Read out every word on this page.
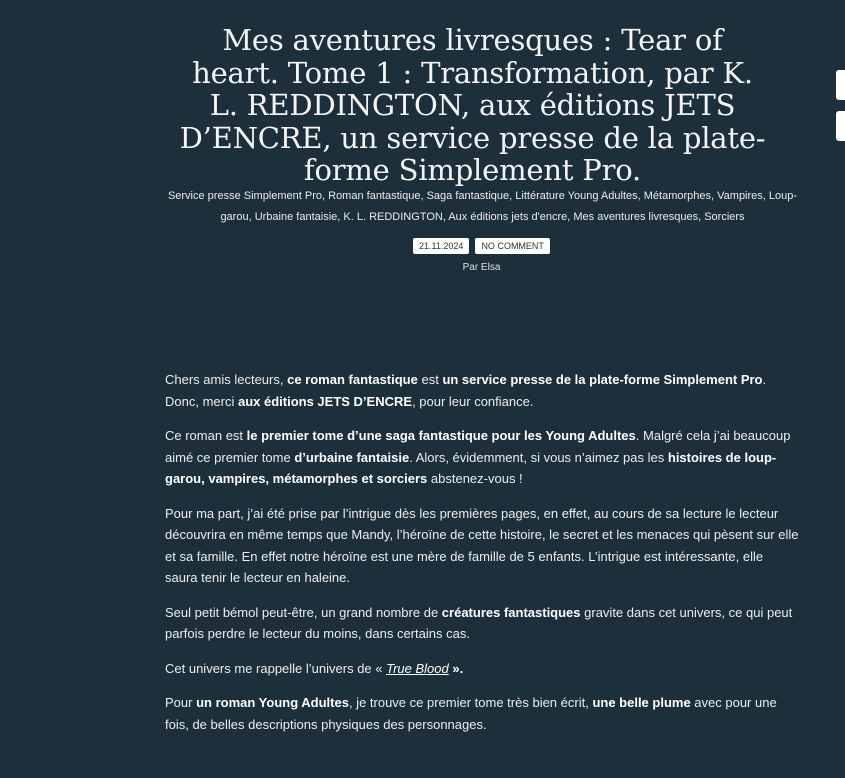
Mes aventures livresques : Tear of heart. Tome 1 : Transformation, par K. L. REDDINGTON, aux éditions JETS D’ENCRE, un service presse de la plate-forme Simplement Pro.
Service presse Simplement Pro, Roman fantastique, Saga fantastique, Littérature Young Adultes, Métamorphes, Vampires, Loup-garou, Urbaine fantaisie, K. L. REDDINGTON, Aux éditions jets d'encre, Mes aventures livresques, Sorciers
21.11.2024 NO COMMENT
Par Elsa

Chers amis lecteurs, ce roman fantastique est un service presse de la plate-forme Simplement Pro. Donc, merci aux éditions JETS D’ENCRE, pour leur confiance.

Ce roman est le premier tome d’une saga fantastique pour les Young Adultes. Malgré cela j’ai beaucoup aimé ce premier tome d’urbaine fantaisie. Alors, évidemment, si vous n’aimez pas les histoires de loup-garou, vampires, métamorphes et sorciers abstenez-vous !

Pour ma part, j’ai été prise par l’intrigue dès les premières pages, en effet, au cours de sa lecture le lecteur découvrira en même temps que Mandy, l’héroïne de cette histoire, le secret et les menaces qui pèsent sur elle et sa famille. En effet notre héroïne est une mère de famille de 5 enfants. L’intrigue est intéressante, elle saura tenir le lecteur en haleine.

Seul petit bémol peut-être, un grand nombre de créatures fantastiques gravite dans cet univers, ce qui peut parfois perdre le lecteur du moins, dans certains cas.

Cet univers me rappelle l’univers de « True Blood ».

Pour un roman Young Adultes, je trouve ce premier tome très bien écrit, une belle plume avec pour une fois, de belles descriptions physiques des personnages.
